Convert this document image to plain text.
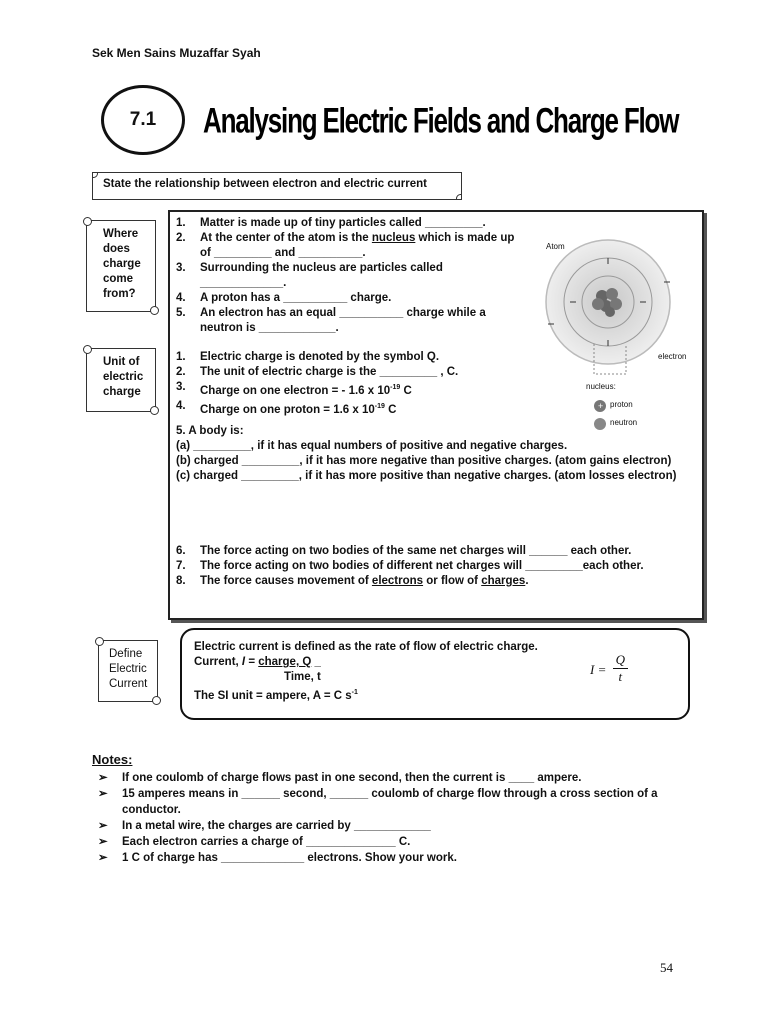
Sek Men Sains Muzaffar Syah
7.1	Analysing Electric Fields and Charge Flow
State the relationship between electron and electric current
Where does charge come from?
Unit of electric charge
1.	Matter is made up of tiny particles called _________.
2.	At the center of the atom is the nucleus which is made up of _________ and __________.
3.	Surrounding the nucleus are particles called _____________.
4.	A proton has a __________ charge.
5.	An electron has an equal __________ charge while a neutron is ____________.
1.	Electric charge is denoted by the symbol Q.
2.	The unit of electric charge is the _________ , C.
3.	Charge on one electron = - 1.6 x $10^{-19}$ C
4.	Charge on one proton = 1.6 x $10^{-19}$ C
5. A body is:
(a) _________, if it has equal numbers of positive and negative charges.
(b) charged _________, if it has more negative than positive charges. (atom gains electron)
(c) charged _________, if it has more positive than negative charges. (atom losses electron)
6.	The force acting on two bodies of the same net charges will ______ each other.
7.	The force acting on two bodies of different net charges will _________each other.
8.	The force causes movement of electrons or flow of charges.
+
Atom
electron
nucleus:
proton
neutron
Define Electric Current
Electric current is defined as the rate of flow of electric charge.
Current, I = charge, Q _
Time, t
The SI unit = ampere, A = C $s^{-1}$
$I = \frac{Q}{t}$
Notes:
➢	If one coulomb of charge flows past in one second, then the current is ____ ampere.
➢	15 amperes means in ______ second, ______ coulomb of charge flow through a cross section of a conductor.
➢	In a metal wire, the charges are carried by ____________
➢	Each electron carries a charge of ______________ C.
➢	1 C of charge has _____________ electrons. Show your work.
54
